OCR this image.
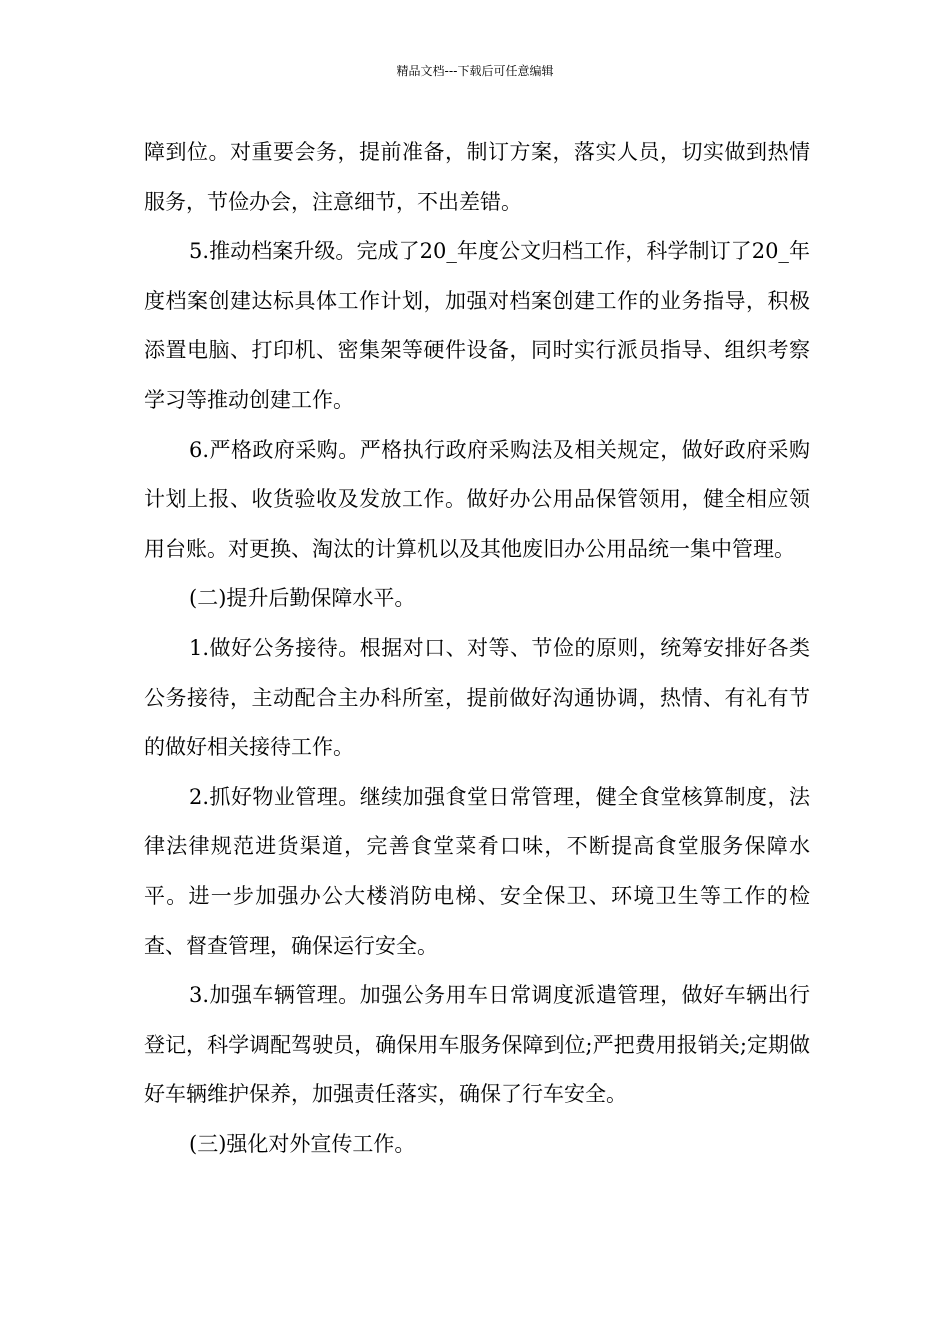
精品文档---下载后可任意编辑

障到位。对重要会务，提前准备，制订方案，落实人员，切实做到热情服务，节俭办会，注意细节，不出差错。

5.推动档案升级。完成了20_年度公文归档工作，科学制订了20_年度档案创建达标具体工作计划，加强对档案创建工作的业务指导，积极添置电脑、打印机、密集架等硬件设备，同时实行派员指导、组织考察学习等推动创建工作。

6.严格政府采购。严格执行政府采购法及相关规定，做好政府采购计划上报、收货验收及发放工作。做好办公用品保管领用，健全相应领用台账。对更换、淘汰的计算机以及其他废旧办公用品统一集中管理。

(二)提升后勤保障水平。

1.做好公务接待。根据对口、对等、节俭的原则，统筹安排好各类公务接待，主动配合主办科所室，提前做好沟通协调，热情、有礼有节的做好相关接待工作。

2.抓好物业管理。继续加强食堂日常管理，健全食堂核算制度，法律法律规范进货渠道，完善食堂菜肴口味，不断提高食堂服务保障水平。进一步加强办公大楼消防电梯、安全保卫、环境卫生等工作的检查、督查管理，确保运行安全。

3.加强车辆管理。加强公务用车日常调度派遣管理，做好车辆出行登记，科学调配驾驶员，确保用车服务保障到位;严把费用报销关;定期做好车辆维护保养，加强责任落实，确保了行车安全。

(三)强化对外宣传工作。
